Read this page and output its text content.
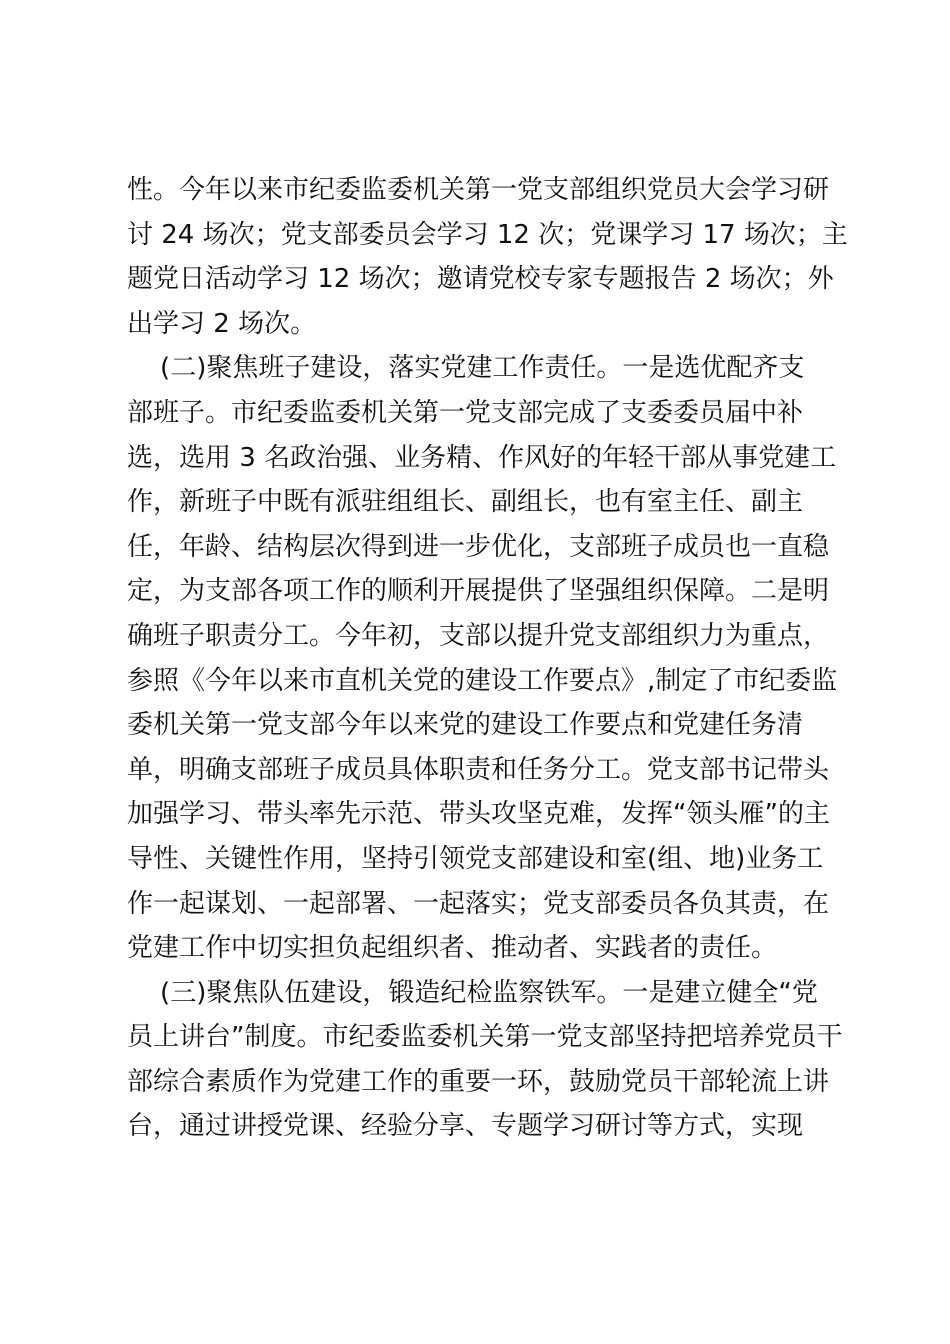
性。今年以来市纪委监委机关第一党支部组织党员大会学习研
讨 24 场次；党支部委员会学习 12 次；党课学习 17 场次；主
题党日活动学习 12 场次；邀请党校专家专题报告 2 场次；外
出学习 2 场次。
(二)聚焦班子建设，落实党建工作责任。一是选优配齐支
部班子。市纪委监委机关第一党支部完成了支委委员届中补
选，选用 3 名政治强、业务精、作风好的年轻干部从事党建工
作，新班子中既有派驻组组长、副组长，也有室主任、副主
任，年龄、结构层次得到进一步优化，支部班子成员也一直稳
定，为支部各项工作的顺利开展提供了坚强组织保障。二是明
确班子职责分工。今年初，支部以提升党支部组织力为重点，
参照《今年以来市直机关党的建设工作要点》,制定了市纪委监
委机关第一党支部今年以来党的建设工作要点和党建任务清
单，明确支部班子成员具体职责和任务分工。党支部书记带头
加强学习、带头率先示范、带头攻坚克难，发挥“领头雁”的主
导性、关键性作用，坚持引领党支部建设和室(组、地)业务工
作一起谋划、一起部署、一起落实；党支部委员各负其责，在
党建工作中切实担负起组织者、推动者、实践者的责任。
(三)聚焦队伍建设，锻造纪检监察铁军。一是建立健全“党
员上讲台”制度。市纪委监委机关第一党支部坚持把培养党员干
部综合素质作为党建工作的重要一环，鼓励党员干部轮流上讲
台，通过讲授党课、经验分享、专题学习研讨等方式，实现
